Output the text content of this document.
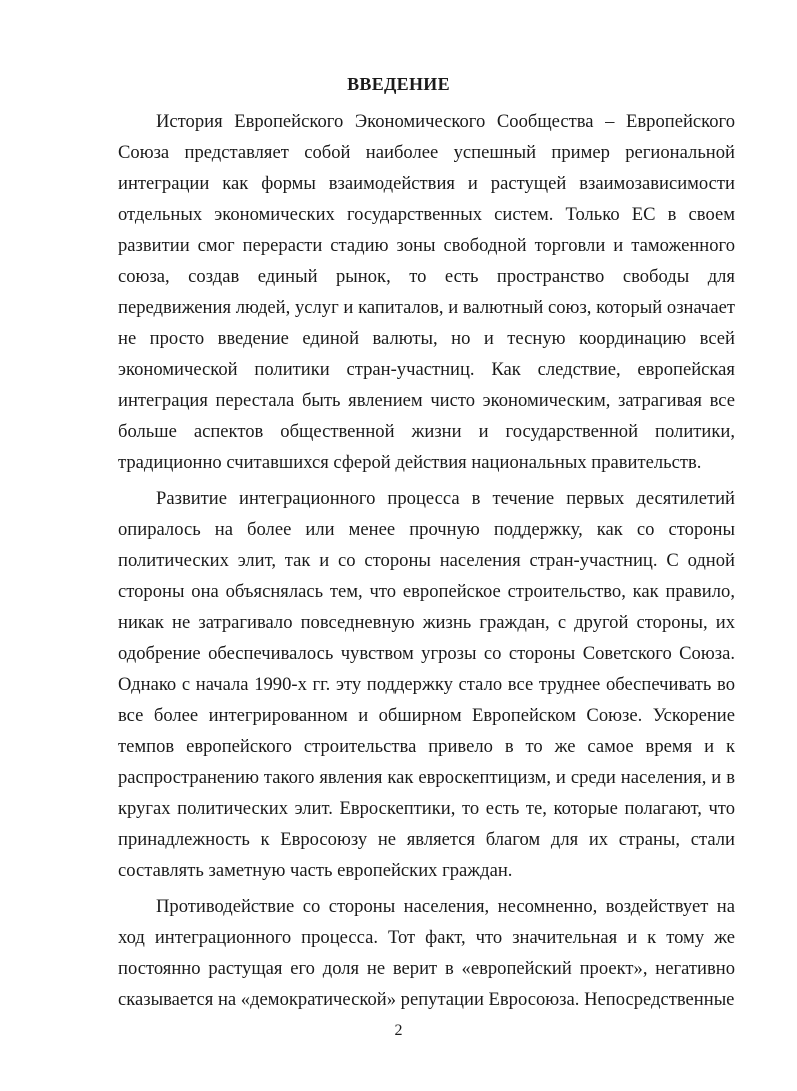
ВВЕДЕНИЕ

История Европейского Экономического Сообщества – Европейского Союза представляет собой наиболее успешный пример региональной интеграции как формы взаимодействия и растущей взаимозависимости отдельных экономических государственных систем. Только ЕС в своем развитии смог перерасти стадию зоны свободной торговли и таможенного союза, создав единый рынок, то есть пространство свободы для передвижения людей, услуг и капиталов, и валютный союз, который означает не просто введение единой валюты, но и тесную координацию всей экономической политики стран-участниц. Как следствие, европейская интеграция перестала быть явлением чисто экономическим, затрагивая все больше аспектов общественной жизни и государственной политики, традиционно считавшихся сферой действия национальных правительств.

Развитие интеграционного процесса в течение первых десятилетий опиралось на более или менее прочную поддержку, как со стороны политических элит, так и со стороны населения стран-участниц. С одной стороны она объяснялась тем, что европейское строительство, как правило, никак не затрагивало повседневную жизнь граждан, с другой стороны, их одобрение обеспечивалось чувством угрозы со стороны Советского Союза. Однако с начала 1990-х гг. эту поддержку стало все труднее обеспечивать во все более интегрированном и обширном Европейском Союзе. Ускорение темпов европейского строительства привело в то же самое время и к распространению такого явления как евроскептицизм, и среди населения, и в кругах политических элит. Евроскептики, то есть те, которые полагают, что принадлежность к Евросоюзу не является благом для их страны, стали составлять заметную часть европейских граждан.

Противодействие со стороны населения, несомненно, воздействует на ход интеграционного процесса. Тот факт, что значительная и к тому же постоянно растущая его доля не верит в «европейский проект», негативно сказывается на «демократической» репутации Евросоюза. Непосредственные

2
